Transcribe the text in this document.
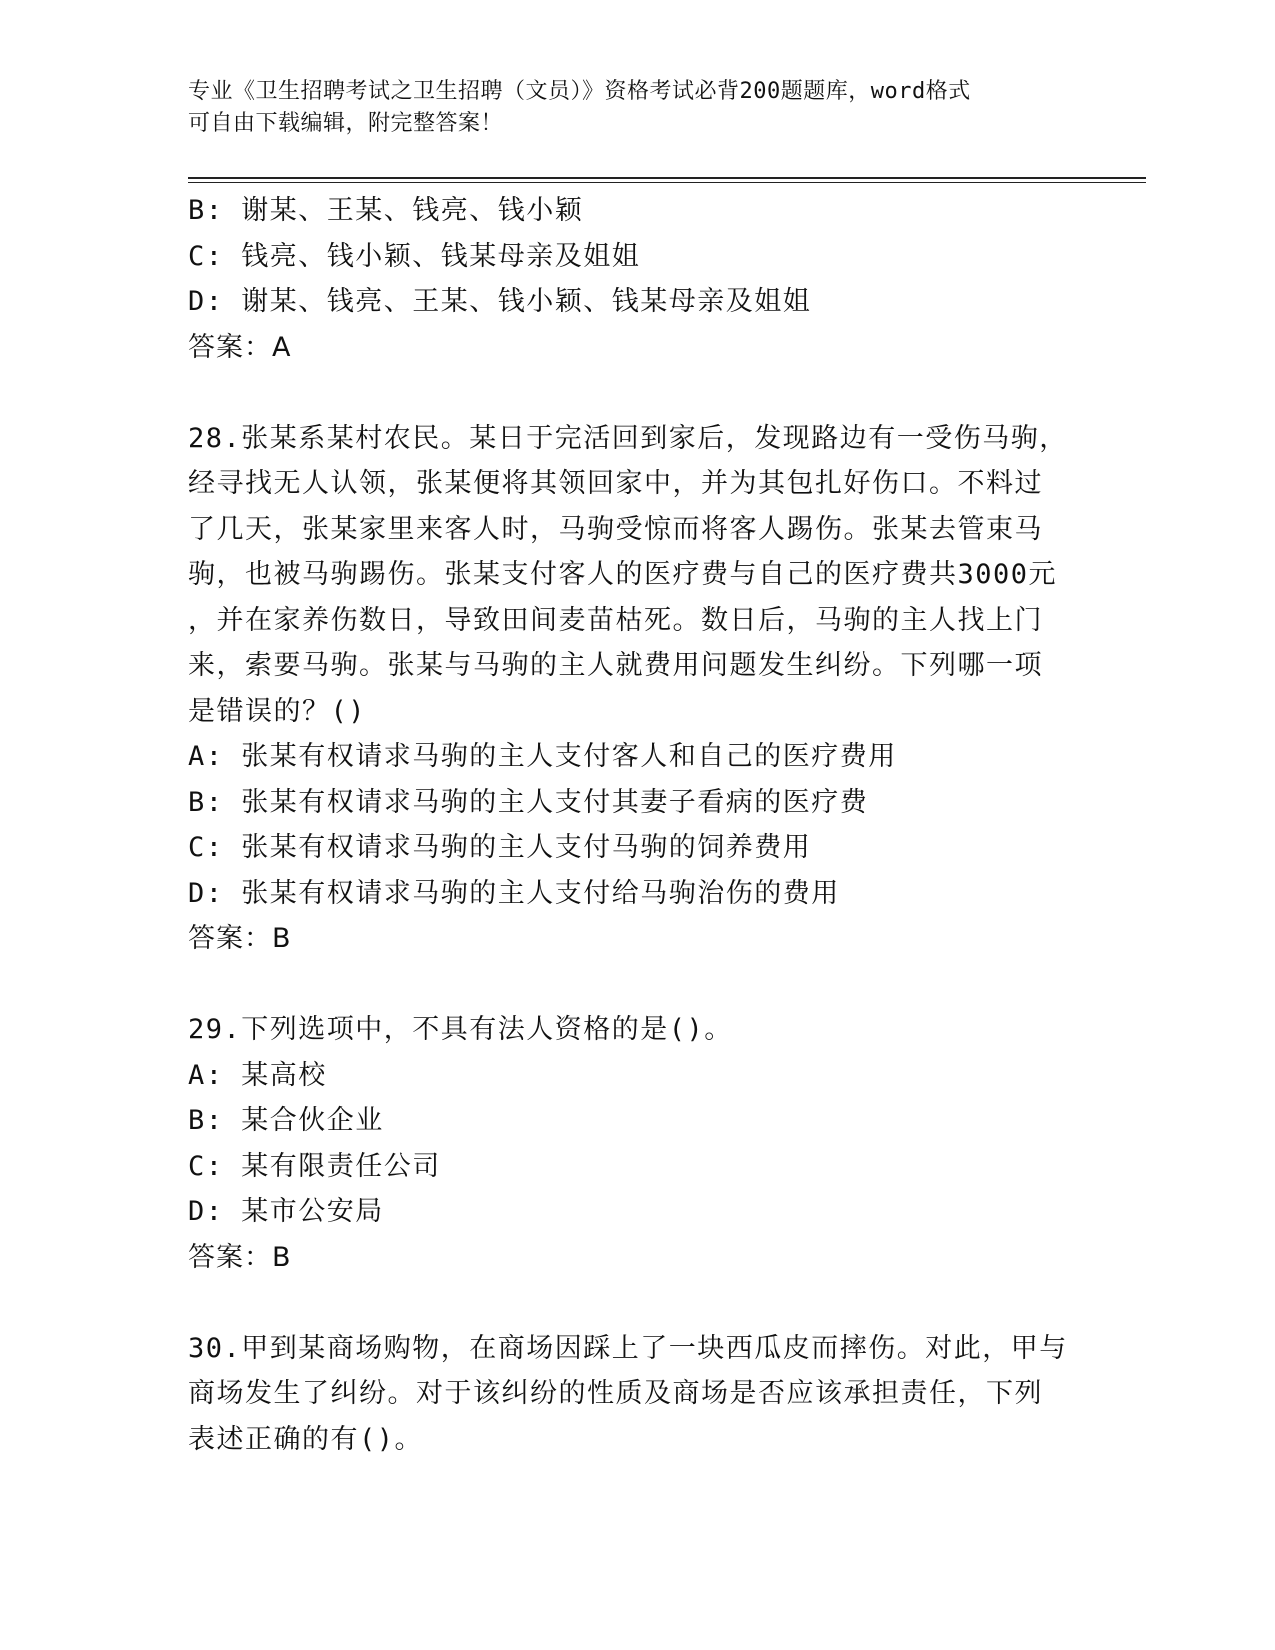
专业《卫生招聘考试之卫生招聘（文员）》资格考试必背200题题库，word格式
可自由下载编辑，附完整答案！
B: 谢某、王某、钱亮、钱小颖
C: 钱亮、钱小颖、钱某母亲及姐姐
D: 谢某、钱亮、王某、钱小颖、钱某母亲及姐姐
答案：A
28.张某系某村农民。某日于完活回到家后，发现路边有一受伤马驹，
经寻找无人认领，张某便将其领回家中，并为其包扎好伤口。不料过
了几天，张某家里来客人时，马驹受惊而将客人踢伤。张某去管束马
驹，也被马驹踢伤。张某支付客人的医疗费与自己的医疗费共3000元
，并在家养伤数日，导致田间麦苗枯死。数日后，马驹的主人找上门
来，索要马驹。张某与马驹的主人就费用问题发生纠纷。下列哪一项
是错误的？()
A: 张某有权请求马驹的主人支付客人和自己的医疗费用
B: 张某有权请求马驹的主人支付其妻子看病的医疗费
C: 张某有权请求马驹的主人支付马驹的饲养费用
D: 张某有权请求马驹的主人支付给马驹治伤的费用
答案：B
29.下列选项中，不具有法人资格的是()。
A: 某高校
B: 某合伙企业
C: 某有限责任公司
D: 某市公安局
答案：B
30.甲到某商场购物，在商场因踩上了一块西瓜皮而摔伤。对此，甲与
商场发生了纠纷。对于该纠纷的性质及商场是否应该承担责任，下列
表述正确的有()。
